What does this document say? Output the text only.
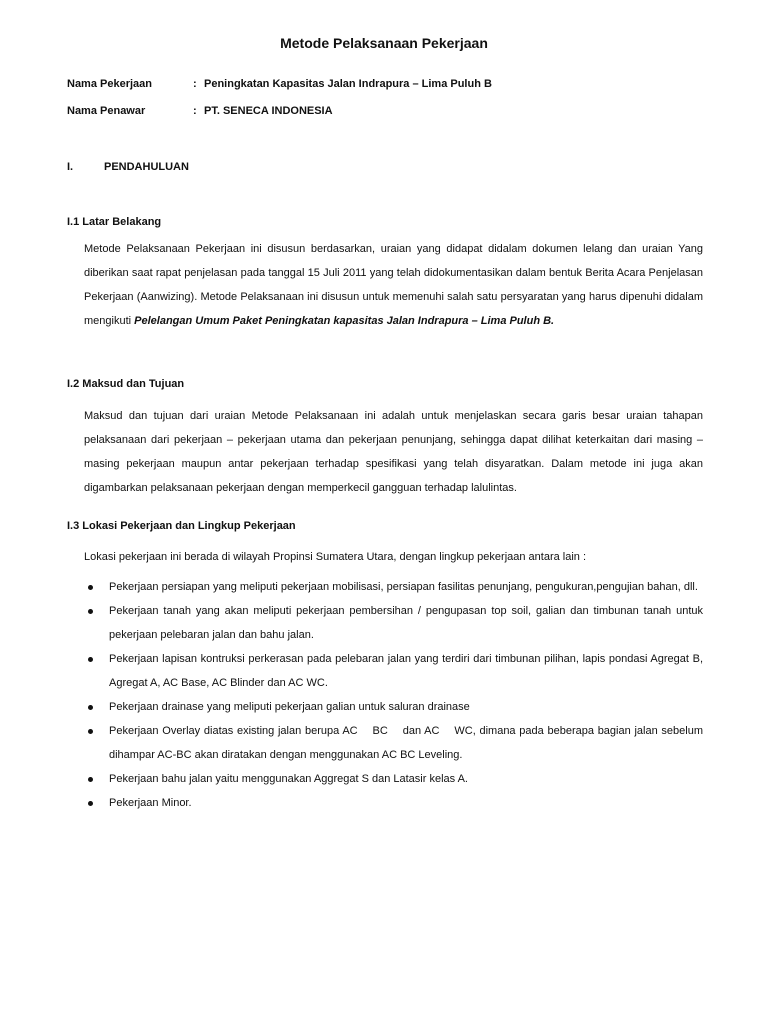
Metode Pelaksanaan Pekerjaan
Nama Pekerjaan	: Peningkatan Kapasitas Jalan Indrapura – Lima Puluh B
Nama Penawar	: PT. SENECA INDONESIA
I.	PENDAHULUAN
I.1 Latar Belakang

Metode Pelaksanaan Pekerjaan ini disusun berdasarkan, uraian yang didapat didalam dokumen lelang dan uraian Yang diberikan saat rapat penjelasan pada tanggal 15 Juli 2011 yang telah didokumentasikan dalam bentuk Berita Acara Penjelasan Pekerjaan (Aanwizing). Metode Pelaksanaan ini disusun untuk memenuhi salah satu persyaratan yang harus dipenuhi didalam mengikuti Pelelangan Umum Paket Peningkatan kapasitas Jalan Indrapura – Lima Puluh B.

I.2 Maksud dan Tujuan

Maksud dan tujuan dari uraian Metode Pelaksanaan ini adalah untuk menjelaskan secara garis besar uraian tahapan pelaksanaan dari pekerjaan – pekerjaan utama dan pekerjaan penunjang, sehingga dapat dilihat keterkaitan dari masing – masing pekerjaan maupun antar pekerjaan terhadap spesifikasi yang telah disyaratkan. Dalam metode ini juga akan digambarkan pelaksanaan pekerjaan dengan memperkecil gangguan terhadap lalulintas.

I.3 Lokasi Pekerjaan dan Lingkup Pekerjaan

Lokasi pekerjaan ini berada di wilayah Propinsi Sumatera Utara, dengan lingkup pekerjaan antara lain :

Pekerjaan persiapan yang meliputi pekerjaan mobilisasi, persiapan fasilitas penunjang, pengukuran,pengujian bahan, dll.
Pekerjaan tanah yang akan meliputi pekerjaan pembersihan / pengupasan top soil, galian dan timbunan tanah untuk pekerjaan pelebaran jalan dan bahu jalan.
Pekerjaan lapisan kontruksi perkerasan pada pelebaran jalan yang terdiri dari timbunan pilihan, lapis pondasi Agregat B, Agregat A, AC Base, AC Blinder dan AC WC.
Pekerjaan drainase yang meliputi pekerjaan galian untuk saluran drainase
Pekerjaan Overlay diatas existing jalan berupa AC    BC    dan AC    WC, dimana pada beberapa bagian jalan sebelum dihampar AC-BC akan diratakan dengan menggunakan AC BC Leveling.
Pekerjaan bahu jalan yaitu menggunakan Aggregat S dan Latasir kelas A.
Pekerjaan Minor.
